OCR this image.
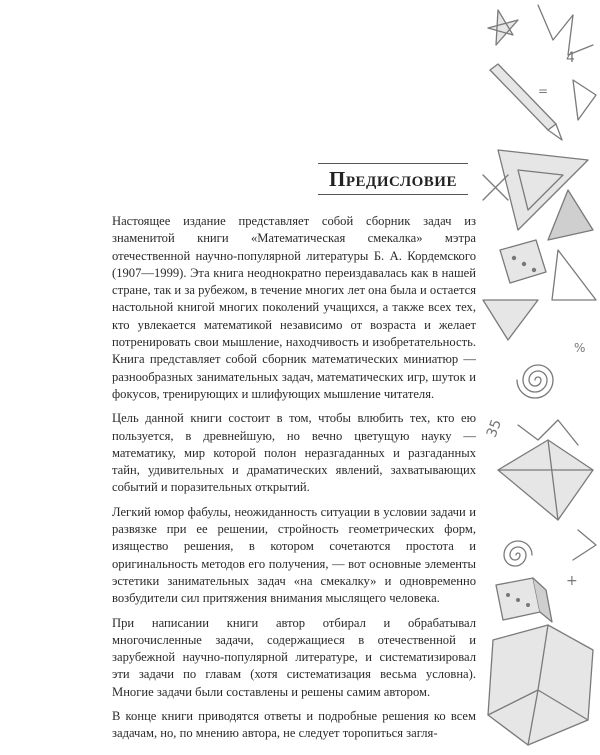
Предисловие

Настоящее издание представляет собой сборник задач из знаменитой книги «Математическая смекалка» мэтра отечественной научно-популярной литературы Б. А. Кордемского (1907—1999). Эта книга неоднократно переиздавалась как в нашей стране, так и за рубежом, в течение многих лет она была и остается настольной книгой многих поколений учащихся, а также всех тех, кто увлекается математикой независимо от возраста и желает потренировать свои мышление, находчивость и изобретательность. Книга представляет собой сборник математических миниатюр — разнообразных занимательных задач, математических игр, шуток и фокусов, тренирующих и шлифующих мышление читателя.

Цель данной книги состоит в том, чтобы влюбить тех, кто ею пользуется, в древнейшую, но вечно цветущую науку — математику, мир которой полон неразгаданных и разгаданных тайн, удивительных и драматических явлений, захватывающих событий и поразительных открытий.

Легкий юмор фабулы, неожиданность ситуации в условии задачи и развязке при ее решении, стройность геометрических форм, изящество решения, в котором сочетаются простота и оригинальность методов его получения, — вот основные элементы эстетики занимательных задач «на смекалку» и одновременно возбудители сил притяжения внимания мыслящего человека.

При написании книги автор отбирал и обрабатывал многочисленные задачи, содержащиеся в отечественной и зарубежной научно-популярной литературе, и систематизировал эти задачи по главам (хотя систематизация весьма условна). Многие задачи были составлены и решены самим автором.

В конце книги приводятся ответы и подробные решения ко всем задачам, но, по мнению автора, не следует торопиться загля-

4
=
%
35
+
